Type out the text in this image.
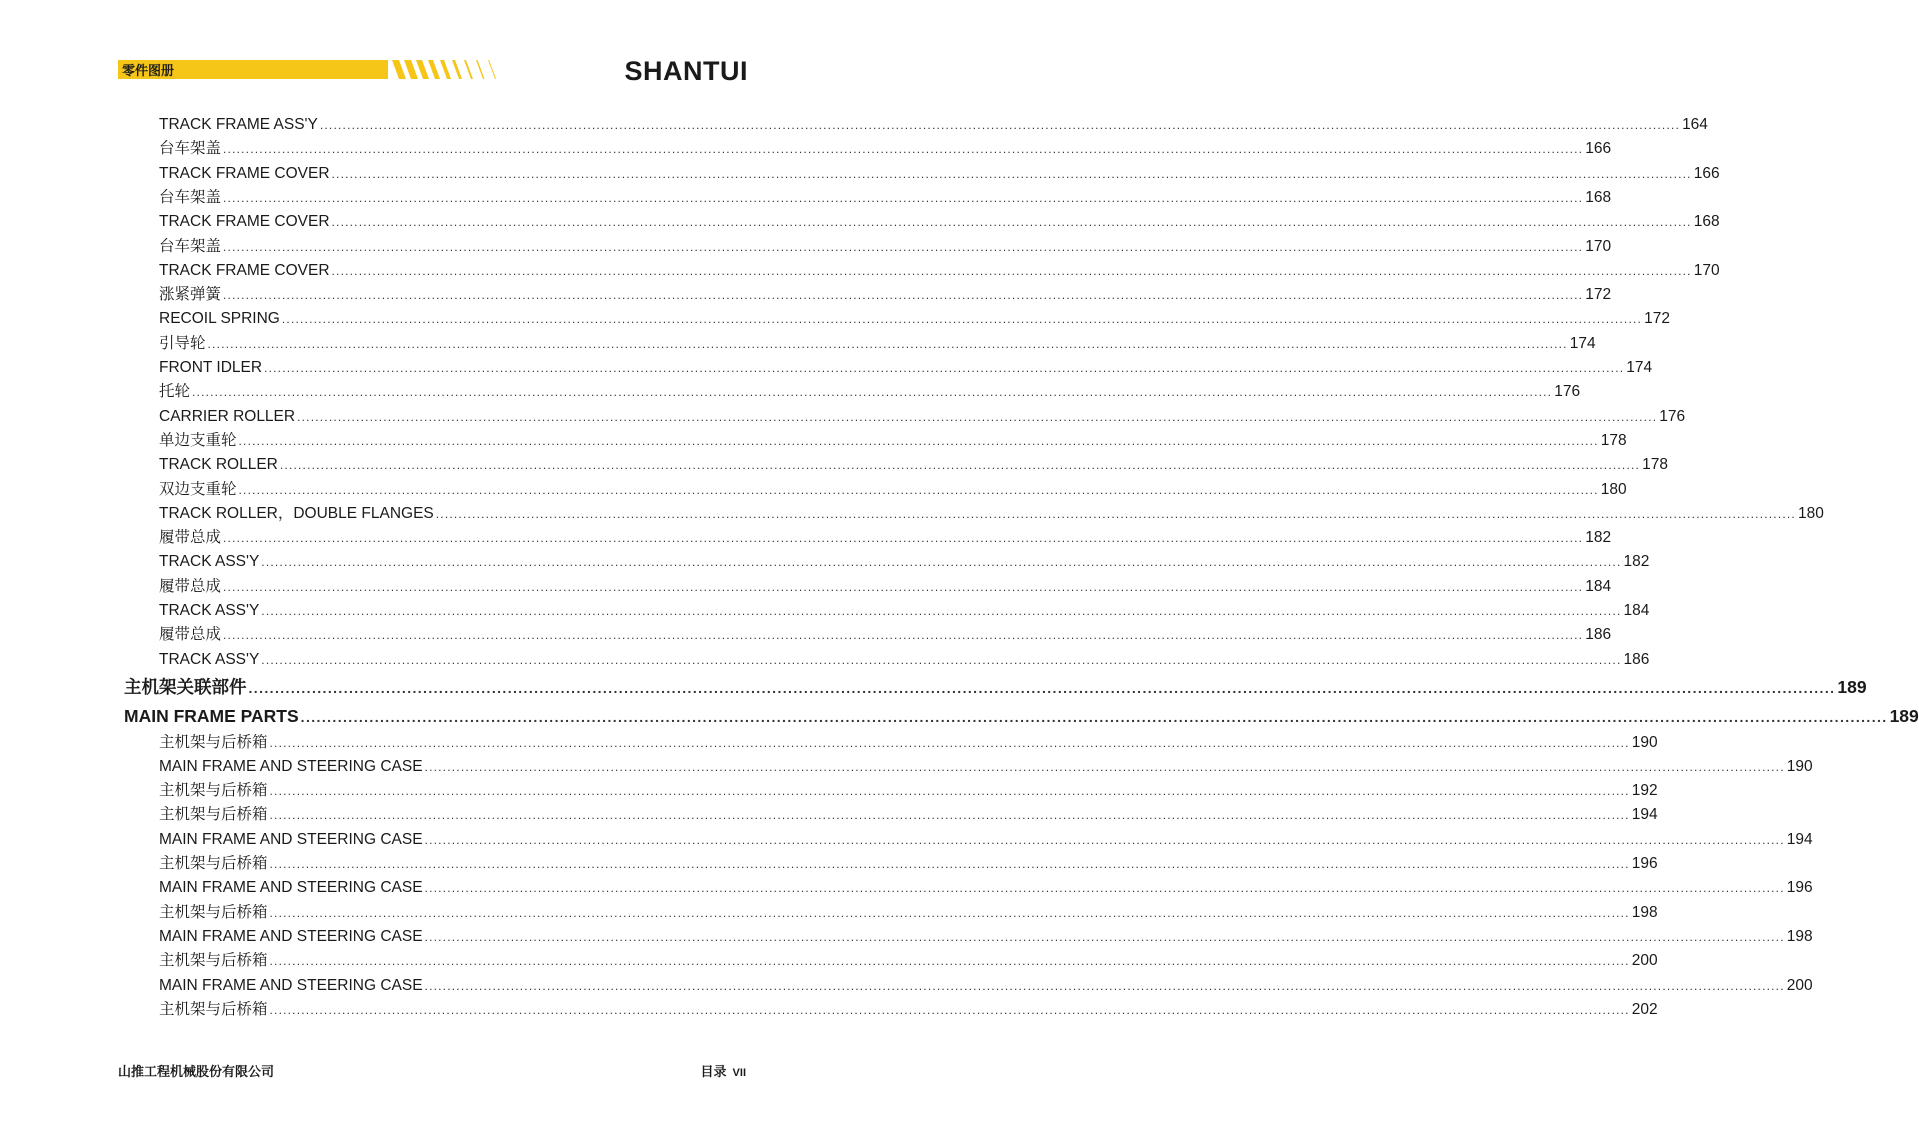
零件图册	SHANTUI
TRACK FRAME ASS'Y ............................................................................................................................................................................................................................................................................................................ 164
台车架盖 ............................................................................................................................................................................................................................................................................................................ 166
TRACK FRAME COVER ............................................................................................................................................................................................................................................................................................................ 166
台车架盖 ............................................................................................................................................................................................................................................................................................................ 168
TRACK FRAME COVER ............................................................................................................................................................................................................................................................................................................ 168
台车架盖 ............................................................................................................................................................................................................................................................................................................ 170
TRACK FRAME COVER ............................................................................................................................................................................................................................................................................................................ 170
涨紧弹簧 ............................................................................................................................................................................................................................................................................................................ 172
RECOIL SPRING ............................................................................................................................................................................................................................................................................................................ 172
引导轮 ............................................................................................................................................................................................................................................................................................................ 174
FRONT IDLER ............................................................................................................................................................................................................................................................................................................ 174
托轮 ............................................................................................................................................................................................................................................................................................................ 176
CARRIER ROLLER ............................................................................................................................................................................................................................................................................................................ 176
单边支重轮 ............................................................................................................................................................................................................................................................................................................ 178
TRACK ROLLER ............................................................................................................................................................................................................................................................................................................ 178
双边支重轮 ............................................................................................................................................................................................................................................................................................................ 180
TRACK ROLLER，DOUBLE FLANGES ............................................................................................................................................................................................................................................................................................................ 180
履带总成 ............................................................................................................................................................................................................................................................................................................ 182
TRACK ASS'Y ............................................................................................................................................................................................................................................................................................................ 182
履带总成 ............................................................................................................................................................................................................................................................................................................ 184
TRACK ASS'Y ............................................................................................................................................................................................................................................................................................................ 184
履带总成 ............................................................................................................................................................................................................................................................................................................ 186
TRACK ASS'Y ............................................................................................................................................................................................................................................................................................................ 186
主机架关联部件 ............................................................................................................................................................................................................................................................................................................ 189
MAIN FRAME PARTS ............................................................................................................................................................................................................................................................................................................ 189
主机架与后桥箱 ............................................................................................................................................................................................................................................................................................................ 190
MAIN FRAME AND STEERING CASE ............................................................................................................................................................................................................................................................................................................ 190
主机架与后桥箱 ............................................................................................................................................................................................................................................................................................................ 192
主机架与后桥箱 ............................................................................................................................................................................................................................................................................................................ 194
MAIN FRAME AND STEERING CASE ............................................................................................................................................................................................................................................................................................................ 194
主机架与后桥箱 ............................................................................................................................................................................................................................................................................................................ 196
MAIN FRAME AND STEERING CASE ............................................................................................................................................................................................................................................................................................................ 196
主机架与后桥箱 ............................................................................................................................................................................................................................................................................................................ 198
MAIN FRAME AND STEERING CASE ............................................................................................................................................................................................................................................................................................................ 198
主机架与后桥箱 ............................................................................................................................................................................................................................................................................................................ 200
MAIN FRAME AND STEERING CASE ............................................................................................................................................................................................................................................................................................................ 200
主机架与后桥箱 ............................................................................................................................................................................................................................................................................................................ 202
山推工程机械股份有限公司	目录 VII
